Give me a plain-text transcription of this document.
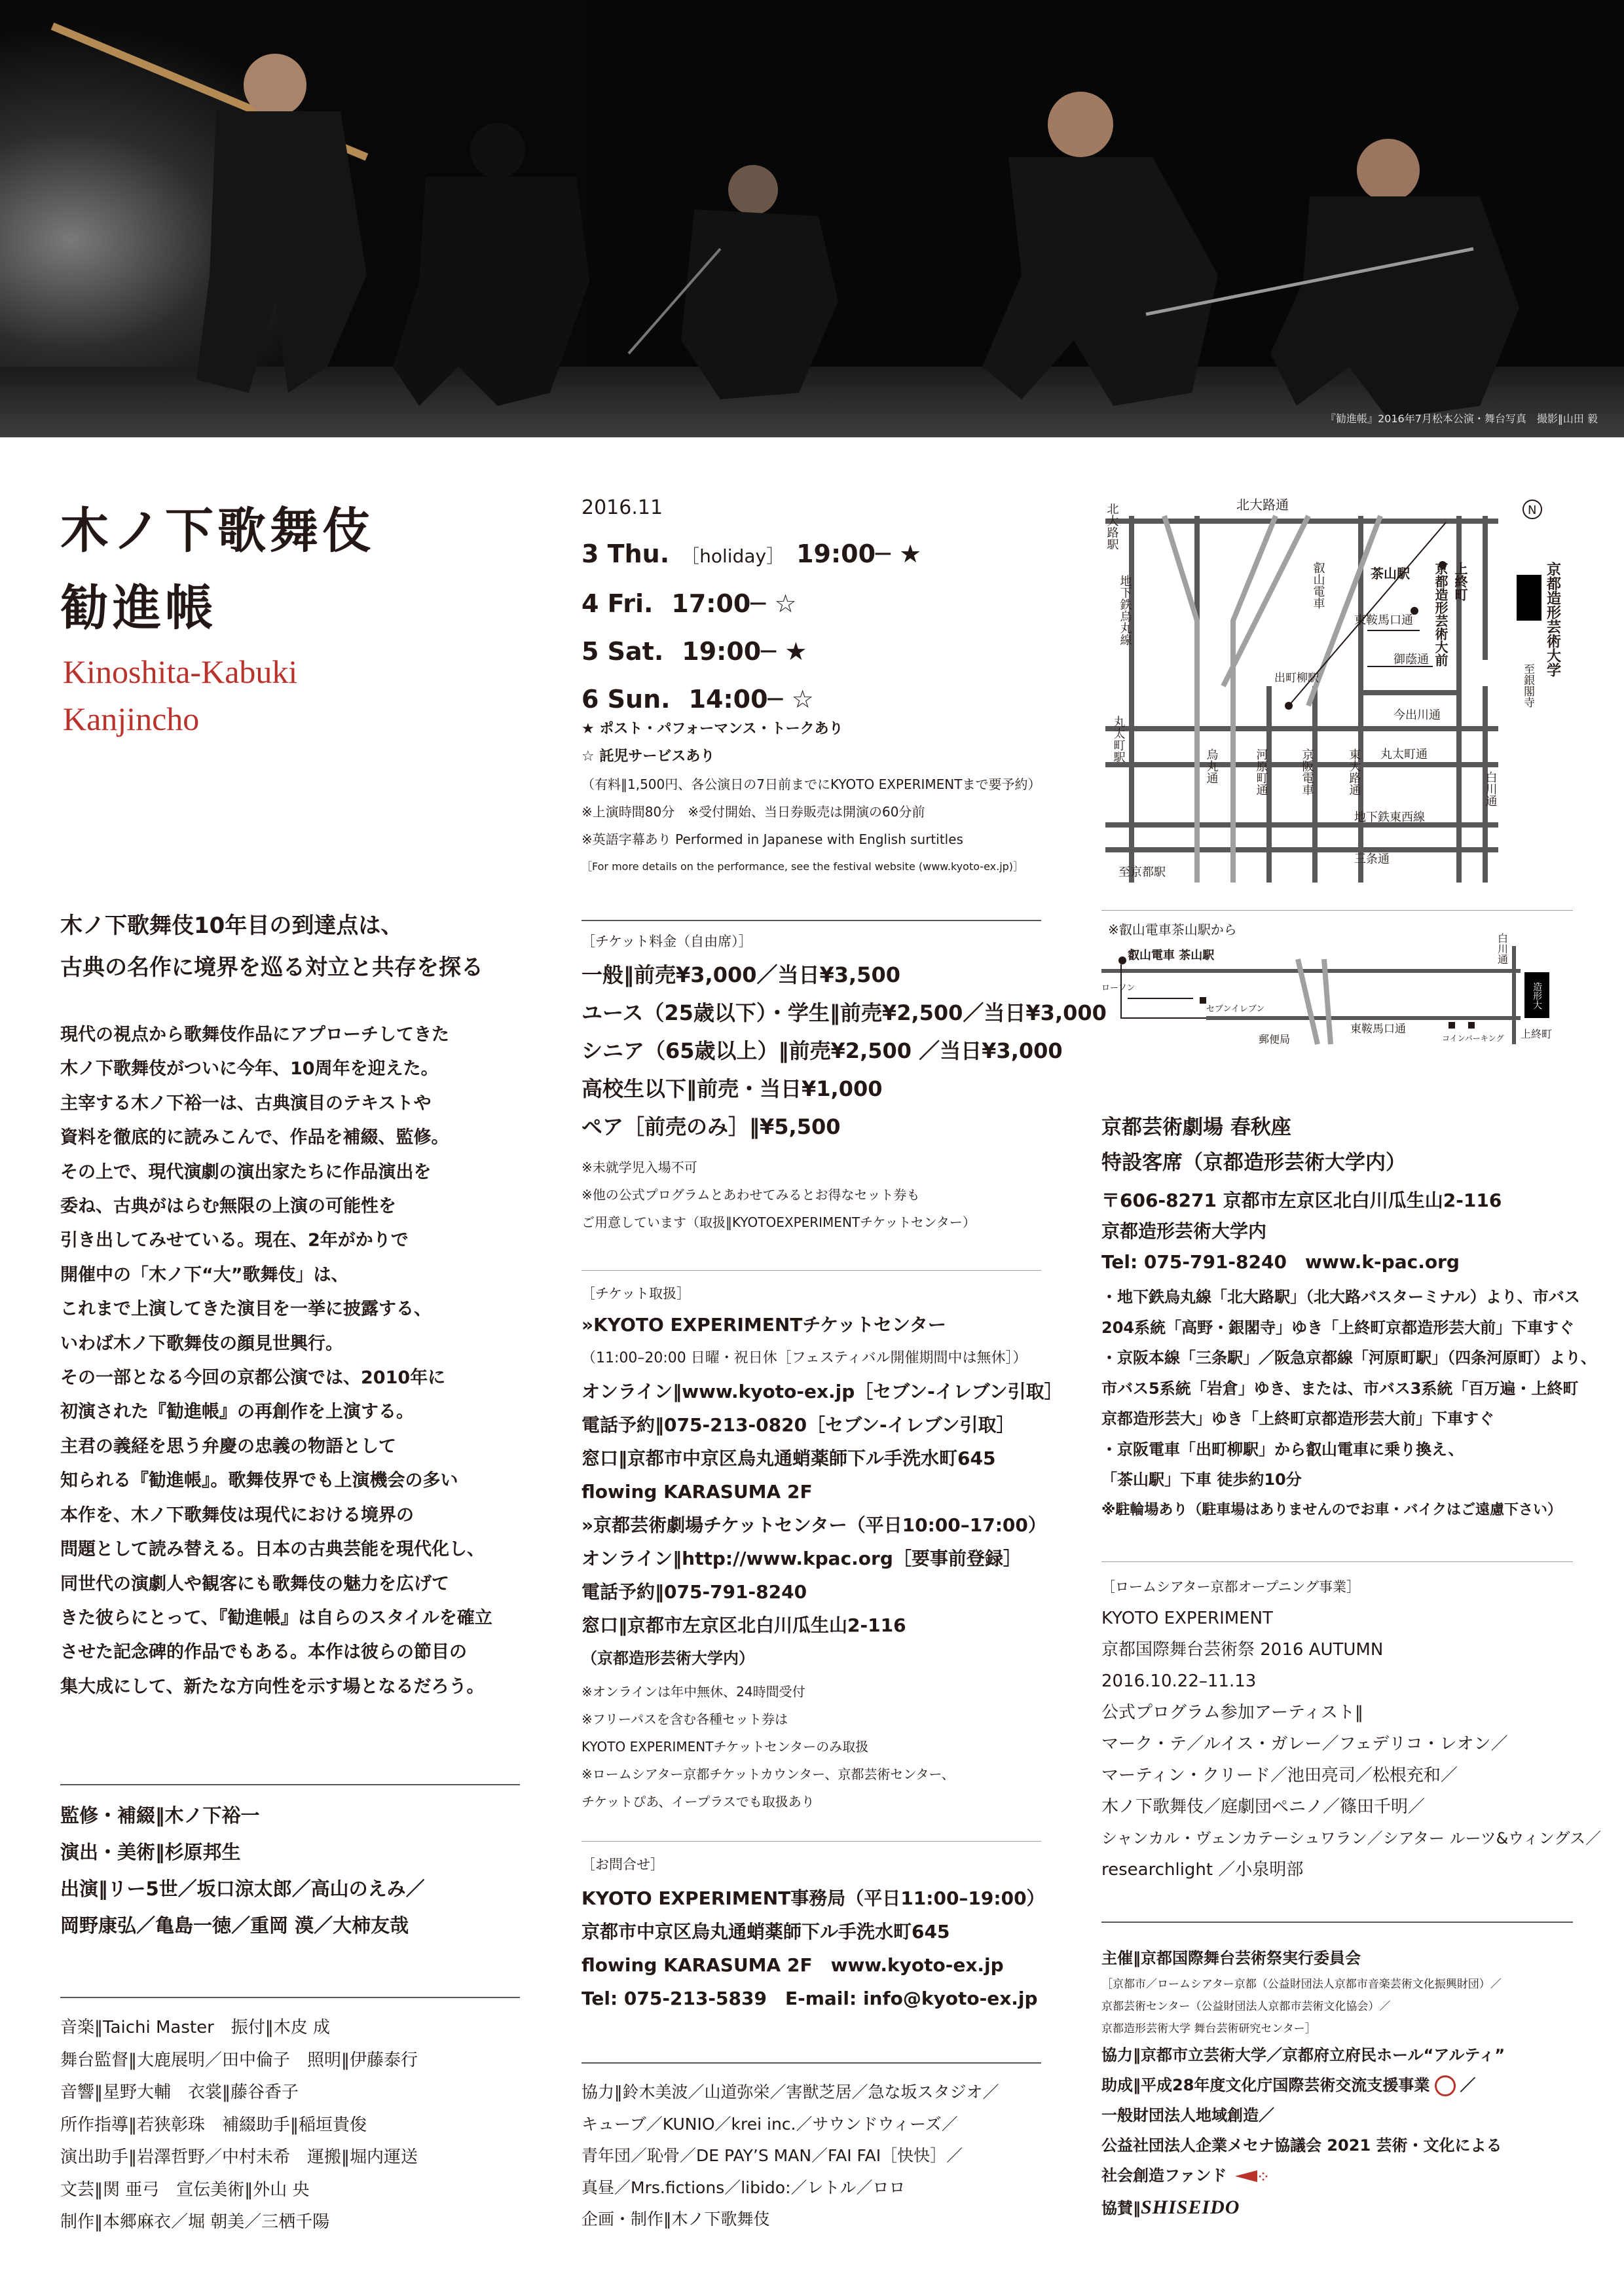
『勧進帳』2016年7月松本公演・舞台写真　撮影‖山田 毅
木ノ下歌舞伎
勧進帳
Kinoshita-Kabuki
Kanjincho
木ノ下歌舞伎10年目の到達点は、
古典の名作に境界を巡る対立と共存を探る
現代の視点から歌舞伎作品にアプローチしてきた
木ノ下歌舞伎がついに今年、10周年を迎えた。
主宰する木ノ下裕一は、古典演目のテキストや
資料を徹底的に読みこんで、作品を補綴、監修。
その上で、現代演劇の演出家たちに作品演出を
委ね、古典がはらむ無限の上演の可能性を
引き出してみせている。現在、2年がかりで
開催中の「木ノ下“大”歌舞伎」は、
これまで上演してきた演目を一挙に披露する、
いわば木ノ下歌舞伎の顔見世興行。
その一部となる今回の京都公演では、2010年に
初演された『勧進帳』の再創作を上演する。
主君の義経を思う弁慶の忠義の物語として
知られる『勧進帳』。歌舞伎界でも上演機会の多い
本作を、木ノ下歌舞伎は現代における境界の
問題として読み替える。日本の古典芸能を現代化し、
同世代の演劇人や観客にも歌舞伎の魅力を広げて
きた彼らにとって、『勧進帳』は自らのスタイルを確立
させた記念碑的作品でもある。本作は彼らの節目の
集大成にして、新たな方向性を示す場となるだろう。
監修・補綴‖木ノ下裕一
演出・美術‖杉原邦生
出演‖リー5世／坂口涼太郎／高山のえみ／
岡野康弘／亀島一徳／重岡 漠／大柿友哉
音楽‖Taichi Master　振付‖木皮 成
舞台監督‖大鹿展明／田中倫子　照明‖伊藤泰行
音響‖星野大輔　衣裳‖藤谷香子
所作指導‖若狭彰珠　補綴助手‖稲垣貴俊
演出助手‖岩澤哲野／中村未希　運搬‖堀内運送
文芸‖関 亜弓　宣伝美術‖外山 央
制作‖本郷麻衣／堀 朝美／三栖千陽
2016.11
3 Thu. ［holiday］ 19:00─ ★
4 Fri. 17:00─ ☆
5 Sat. 19:00─ ★
6 Sun. 14:00─ ☆
★ ポスト・パフォーマンス・トークあり
☆ 託児サービスあり
（有料‖1,500円、各公演日の7日前までにKYOTO EXPERIMENTまで要予約）
※上演時間80分　※受付開始、当日券販売は開演の60分前
※英語字幕あり Performed in Japanese with English surtitles
［For more details on the performance, see the festival website (www.kyoto-ex.jp)］
［チケット料金（自由席）］
一般‖前売¥3,000／当日¥3,500
ユース（25歳以下）・学生‖前売¥2,500／当日¥3,000
シニア（65歳以上）‖前売¥2,500 ／当日¥3,000
高校生以下‖前売・当日¥1,000
ペア［前売のみ］‖¥5,500
※未就学児入場不可
※他の公式プログラムとあわせてみるとお得なセット券も
ご用意しています（取扱‖KYOTOEXPERIMENTチケットセンター）
［チケット取扱］
»KYOTO EXPERIMENTチケットセンター
（11:00–20:00 日曜・祝日休［フェスティバル開催期間中は無休］）
オンライン‖www.kyoto-ex.jp［セブン-イレブン引取］
電話予約‖075-213-0820［セブン-イレブン引取］
窓口‖京都市中京区烏丸通蛸薬師下ル手洗水町645
flowing KARASUMA 2F
»京都芸術劇場チケットセンター（平日10:00–17:00）
オンライン‖http://www.kpac.org［要事前登録］
電話予約‖075-791-8240
窓口‖京都市左京区北白川瓜生山2-116
（京都造形芸術大学内）
※オンラインは年中無休、24時間受付
※フリーパスを含む各種セット券は
KYOTO EXPERIMENTチケットセンターのみ取扱
※ロームシアター京都チケットカウンター、京都芸術センター、
チケットぴあ、イープラスでも取扱あり
［お問合せ］
KYOTO EXPERIMENT事務局（平日11:00–19:00）
京都市中京区烏丸通蛸薬師下ル手洗水町645
flowing KARASUMA 2F　www.kyoto-ex.jp
Tel: 075-213-5839　E-mail: info@kyoto-ex.jp
協力‖鈴木美波／山道弥栄／害獣芝居／急な坂スタジオ／
キューブ／KUNIO／krei inc.／サウンドウィーズ／
青年団／恥骨／DE PAY’S MAN／FAI FAI［快快］／
真昼／Mrs.fictions／libido:／レトル／ロロ
企画・制作‖木ノ下歌舞伎
N
北大路通
北大路駅
地下鉄烏丸線	叡山電車	茶山駅	上終町
京都造形芸術大前	京都造形芸術大学
東鞍馬口通
御蔭通
出町柳駅	至銀閣寺
今出川通
丸太町駅
烏丸通	河原町通	京阪電車	東大路通 丸太町通
白川通
地下鉄東西線
三条通
至京都駅
※叡山電車茶山駅から
叡山電車 茶山駅
ローソン
セブンイレブン
郵便局
東鞍馬口通
コインパーキング 上終町
白川通
造形大
京都芸術劇場 春秋座
特設客席（京都造形芸術大学内）
〒606-8271 京都市左京区北白川瓜生山2-116
京都造形芸術大学内
Tel: 075-791-8240　www.k-pac.org
・地下鉄烏丸線「北大路駅」（北大路バスターミナル）より、市バス
204系統「高野・銀閣寺」ゆき「上終町京都造形芸大前」下車すぐ
・京阪本線「三条駅」／阪急京都線「河原町駅」（四条河原町）より、
市バス5系統「岩倉」ゆき、または、市バス3系統「百万遍・上終町
京都造形芸大」ゆき「上終町京都造形芸大前」下車すぐ
・京阪電車「出町柳駅」から叡山電車に乗り換え、
「茶山駅」下車 徒歩約10分
※駐輪場あり（駐車場はありませんのでお車・バイクはご遠慮下さい）
［ロームシアター京都オープニング事業］
KYOTO EXPERIMENT
京都国際舞台芸術祭 2016 AUTUMN
2016.10.22–11.13
公式プログラム参加アーティスト‖
マーク・テ／ルイス・ガレー／フェデリコ・レオン／
マーティン・クリード／池田亮司／松根充和／
木ノ下歌舞伎／庭劇団ペニノ／篠田千明／
シャンカル・ヴェンカテーシュワラン／シアター ルーツ&ウィングス／
researchlight ／小泉明部
主催‖京都国際舞台芸術祭実行委員会
［京都市／ロームシアター京都（公益財団法人京都市音楽芸術文化振興財団）／
京都芸術センター（公益財団法人京都市芸術文化協会）／
京都造形芸術大学 舞台芸術研究センター］
協力‖京都市立芸術大学／京都府立府民ホール“アルティ”
助成‖平成28年度文化庁国際芸術交流支援事業 ／
一般財団法人地域創造／
公益社団法人企業メセナ協議会 2021 芸術・文化による
社会創造ファンド	⁘
協賛‖SHISEIDO
